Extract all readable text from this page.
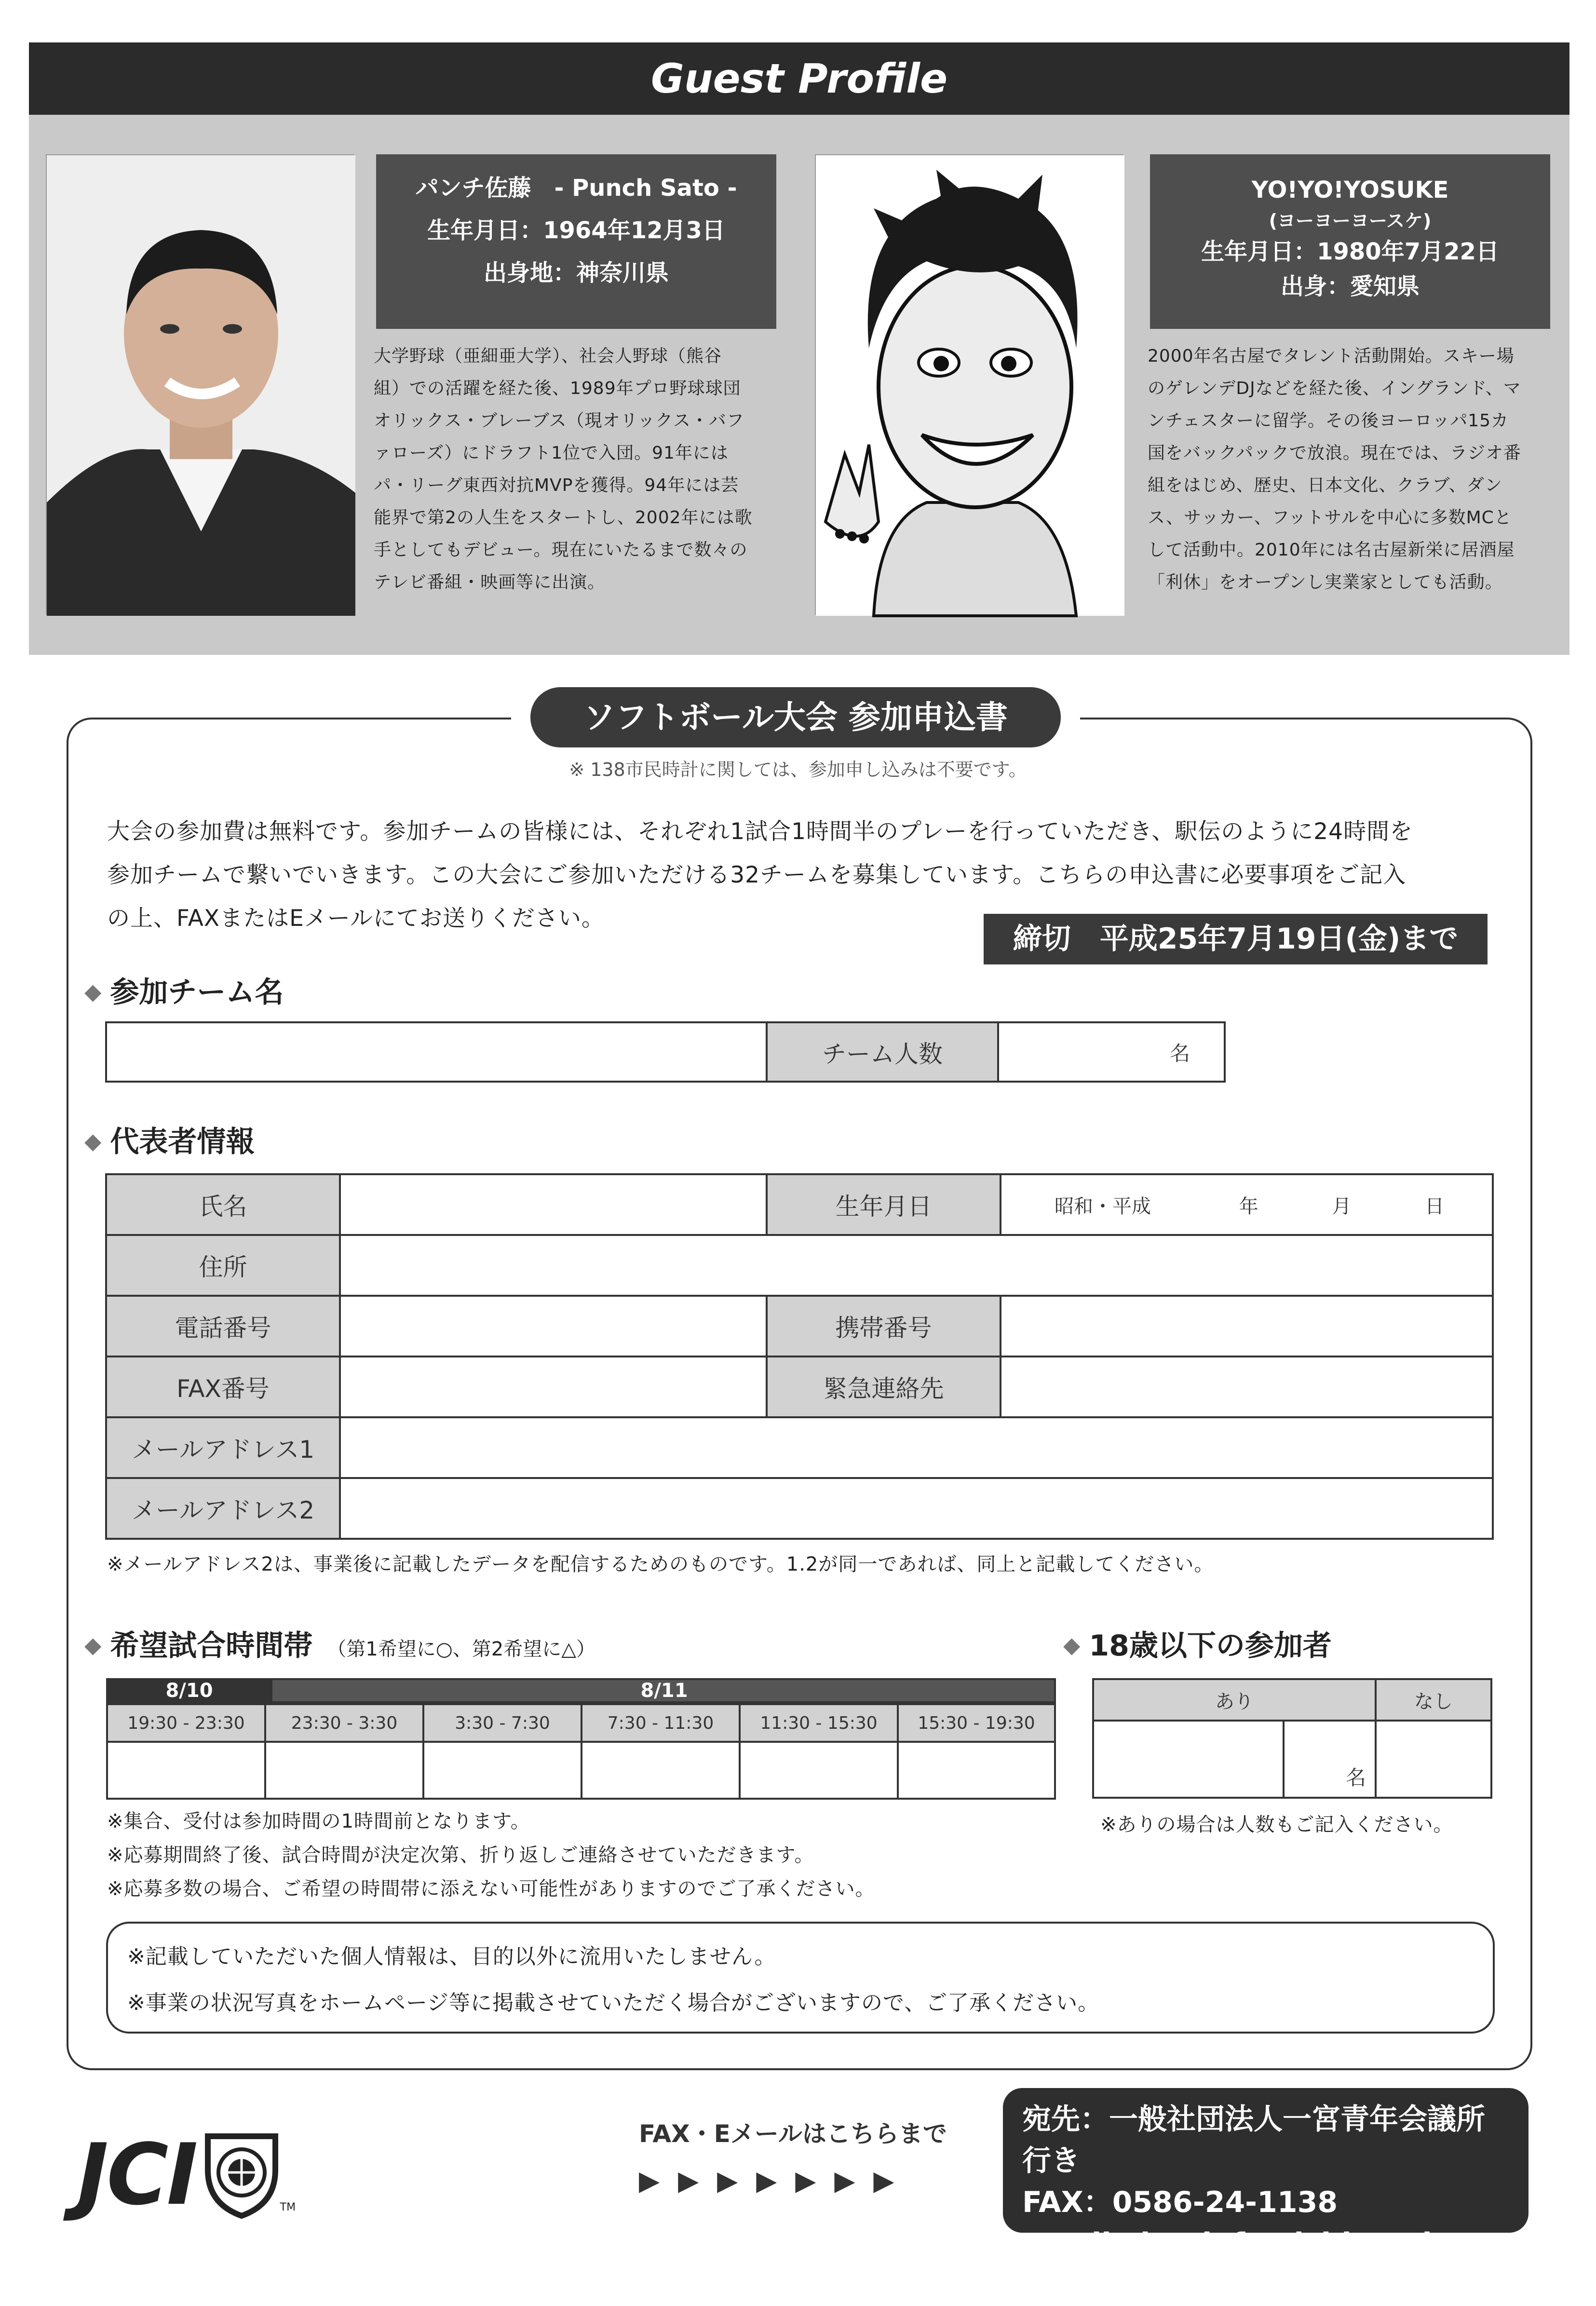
Guest Profile
パンチ佐藤　- Punch Sato -
生年月日：1964年12月3日
出身地：神奈川県
大学野球（亜細亜大学）、社会人野球（熊谷
組）での活躍を経た後、1989年プロ野球球団
オリックス・ブレーブス（現オリックス・バフ
ァローズ）にドラフト1位で入団。91年には
パ・リーグ東西対抗MVPを獲得。94年には芸
能界で第2の人生をスタートし、2002年には歌
手としてもデビュー。現在にいたるまで数々の
テレビ番組・映画等に出演。
YO!YO!YOSUKE
(ヨーヨーヨースケ)
生年月日：1980年7月22日
出身：愛知県
2000年名古屋でタレント活動開始。スキー場
のゲレンデDJなどを経た後、イングランド、マ
ンチェスターに留学。その後ヨーロッパ15カ
国をバックパックで放浪。現在では、ラジオ番
組をはじめ、歴史、日本文化、クラブ、ダン
ス、サッカー、フットサルを中心に多数MCと
して活動中。2010年には名古屋新栄に居酒屋
「利休」をオープンし実業家としても活動。
ソフトボール大会 参加申込書
※ 138市民時計に関しては、参加申し込みは不要です。
大会の参加費は無料です。参加チームの皆様には、それぞれ1試合1時間半のプレーを行っていただき、駅伝のように24時間を
参加チームで繋いでいきます。この大会にご参加いただける32チームを募集しています。こちらの申込書に必要事項をご記入
の上、FAXまたはEメールにてお送りください。
締切　平成25年7月19日(金)まで
◆ 参加チーム名
	チーム人数	名
◆ 代表者情報
氏名		生年月日	昭和・平成 年 月 日
住所			
電話番号		携帯番号	
FAX番号		緊急連絡先	
メールアドレス1			
メールアドレス2			
※メールアドレス2は、事業後に記載したデータを配信するためのものです。1.2が同一であれば、同上と記載してください。
◆ 希望試合時間帯 （第1希望に○、第2希望に△）
8/10	8/11
19:30 - 23:30	23:30 - 3:30	3:30 - 7:30	7:30 - 11:30	11:30 - 15:30	15:30 - 19:30

※集合、受付は参加時間の1時間前となります。
※応募期間終了後、試合時間が決定次第、折り返しご連絡させていただきます。
※応募多数の場合、ご希望の時間帯に添えない可能性がありますのでご了承ください。
◆ 18歳以下の参加者
あり		なし
	名	
※ありの場合は人数もご記入ください。
※記載していただいた個人情報は、目的以外に流用いたしません。
※事業の状況写真をホームページ等に掲載させていただく場合がございますので、ご了承ください。
JCI	TM
FAX・Eメールはこちらまで
▶▶▶▶▶▶▶
宛先：一般社団法人一宮青年会議所行き
FAX：0586-24-1138
email：hm.info@ichinomiya-jc.or.jp
